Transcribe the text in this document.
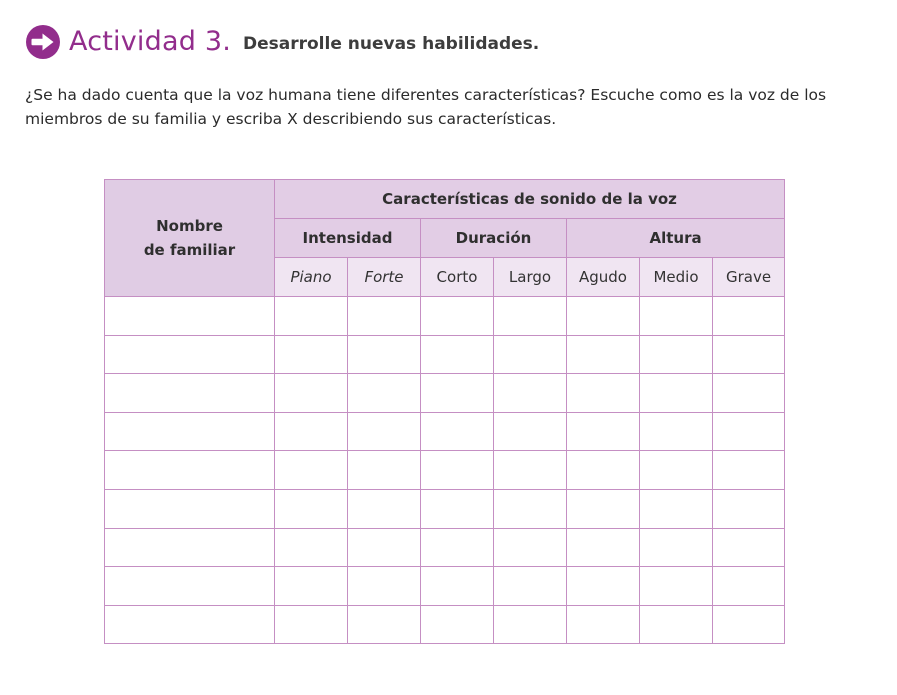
Actividad 3. Desarrolle nuevas habilidades.

¿Se ha dado cuenta que la voz humana tiene diferentes características? Escuche como es la voz de los miembros de su familia y escriba X describiendo sus características.

Nombre
de familiar	Características de sonido de la voz						
	Intensidad		Duración		Altura		
	Piano	Forte	Corto	Largo	Agudo	Medio	Grave
